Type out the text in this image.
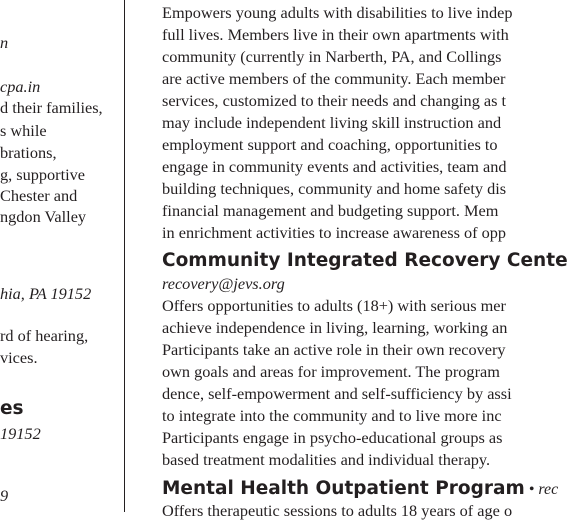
n
cpa.in
d their families,
s while
brations,
g, supportive
Chester and
ngdon Valley
hia, PA 19152
rd of hearing,
vices.
es
19152
9
Empowers young adults with disabilities to live indep
full lives. Members live in their own apartments with
community (currently in Narberth, PA, and Collings
are active members of the community. Each member
services, customized to their needs and changing as t
may include independent living skill instruction and
employment support and coaching, opportunities to
engage in community events and activities, team and
building techniques, community and home safety dis
financial management and budgeting support. Mem
in enrichment activities to increase awareness of opp
Community Integrated Recovery Cente
recovery@jevs.org
Offers opportunities to adults (18+) with serious mer
achieve independence in living, learning, working an
Participants take an active role in their own recovery
own goals and areas for improvement. The program
dence, self-empowerment and self-sufficiency by assi
to integrate into the community and to live more inc
Participants engage in psycho-educational groups as
based treatment modalities and individual therapy.
Mental Health Outpatient Program • rec
Offers therapeutic sessions to adults 18 years of age o
